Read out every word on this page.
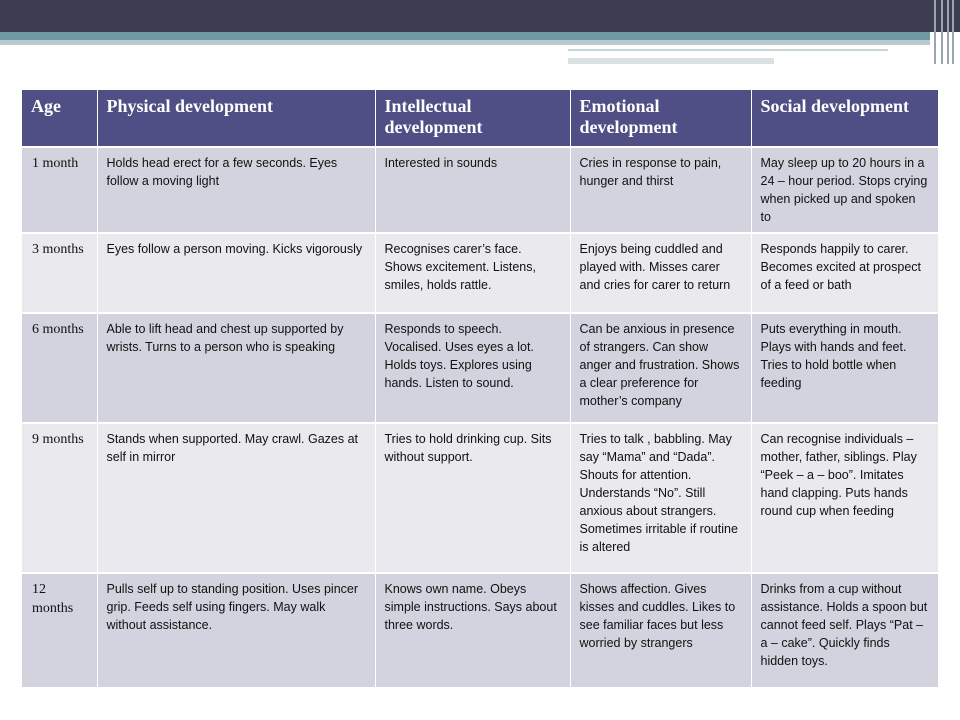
Age	Physical development	Intellectual development	Emotional development	Social development
1 month	Holds head erect for a few seconds. Eyes follow a moving light	Interested in sounds	Cries in response to pain, hunger and thirst	May sleep up to 20 hours in a 24 – hour period. Stops crying when picked up and spoken to
3 months	Eyes follow a person moving. Kicks vigorously	Recognises carer’s face. Shows excitement. Listens, smiles, holds rattle.	Enjoys being cuddled and played with. Misses carer and cries for carer to return	Responds happily to carer. Becomes excited at prospect of a feed or bath
6 months	Able to lift head and chest up supported by wrists. Turns to a person who is speaking	Responds to speech. Vocalised. Uses eyes a lot. Holds toys. Explores using hands. Listen to sound.	Can be anxious in presence of strangers. Can show anger and frustration. Shows a clear preference for mother’s company	Puts everything in mouth. Plays with hands and feet. Tries to hold bottle when feeding
9 months	Stands when supported. May crawl. Gazes at self in mirror	Tries to hold drinking cup. Sits without support.	Tries to talk , babbling. May say “Mama” and “Dada”. Shouts for attention. Understands “No”. Still anxious about strangers. Sometimes irritable if routine is altered	Can recognise individuals – mother, father, siblings. Play “Peek – a – boo”. Imitates hand clapping. Puts hands round cup when feeding
12 months	Pulls self up to standing position. Uses pincer grip. Feeds self using fingers. May walk without assistance.	Knows own name. Obeys simple instructions. Says about three words.	Shows affection. Gives kisses and cuddles. Likes to see familiar faces but less worried by strangers	Drinks from a cup without assistance. Holds a spoon but cannot feed self. Plays “Pat – a – cake”. Quickly finds hidden toys.
